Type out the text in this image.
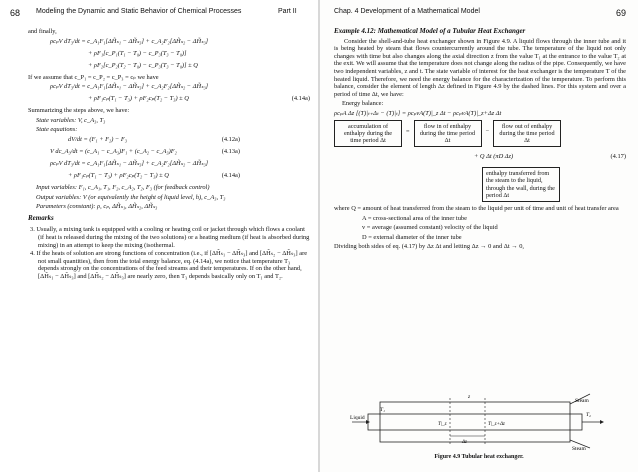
68 Modeling the Dynamic and Static Behavior of Chemical Processes	Part II
and finally,
ρcₚV dT₃/dt = c_A₁F₁[ΔH̃ₛ₁ − ΔH̃ₛ₃] + c_A₂F₂[ΔH̃ₛ₂ − ΔH̃ₛ₃]
+ ρF₁[c_P₁(T₁ − T₀) − c_P₃(T₃ − T₀)]
+ ρF₂[c_P₂(T₂ − T₀) − c_P₃(T₃ − T₀)] ± Q
If we assume that c_P₁ = c_P₂ = c_P₃ = cₚ we have
ρcₚV dT₃/dt = c_A₁F₁[ΔH̃ₛ₁ − ΔH̃ₛ₃] + c_A₂F₂[ΔH̃ₛ₂ − ΔH̃ₛ₃]
+ ρF₁cₚ(T₁ − T₃) + ρF₂cₚ(T₂ − T₃) ± Q	(4.14a)
Summarizing the steps above, we have:
State variables: V, c_A₃, T₃
State equations:
dV/dt = (F₁ + F₂) − F₃	(4.12a)
V dc_A₃/dt = (c_A₁ − c_A₃)F₁ + (c_A₂ − c_A₃)F₂	(4.13a)
ρcₚV dT₃/dt = c_A₁F₁[ΔH̃ₛ₁ − ΔH̃ₛ₃] + c_A₂F₂[ΔH̃ₛ₂ − ΔH̃ₛ₃]
+ ρF₁cₚ(T₁ − T₃) + ρF₂cₚ(T₂ − T₃) ± Q	(4.14a)
Input variables: F₁, c_A₁, T₁, F₂, c_A₂, T₂, F₃ (for feedback control)
Output variables: V (or equivalently the height of liquid level, h), c_A₃, T₃
Parameters (constant): ρ, cₚ, ΔH̃ₛ₁, ΔH̃ₛ₂, ΔH̃ₛ₃
Remarks
3. Usually, a mixing tank is equipped with a cooling or heating coil or jacket through which flows a coolant (if heat is released during the mixing of the two solutions) or a heating medium (if heat is absorbed during mixing) in an attempt to keep the mixing (isothermal.
4. If the heats of solution are strong functions of concentration (i.e., if [ΔH̃ₛ₁ − ΔH̃ₛ₃] and [ΔH̃ₛ₂ − ΔH̃ₛ₃] are not small quantities), then from the total energy balance, eq. (4.14a), we notice that temperature T₃ depends strongly on the concentrations of the feed streams and their temperatures. If on the other hand, [ΔH̃ₛ₁ − ΔH̃ₛ₃] and [ΔH̃ₛ₂ − ΔH̃ₛ₃] are nearly zero, then T₃ depends basically only on T₁ and T₂.
Chap. 4 Development of a Mathematical Model	69
Example 4.12: Mathematical Model of a Tubular Heat Exchanger
Consider the shell-and-tube heat exchanger shown in Figure 4.9. A liquid flows through the inner tube and it is being heated by steam that flows countercurrently around the tube. The temperature of the liquid not only changes with time but also changes along the axial direction z from the value T₁ at the entrance to the value T₂ at the exit. We will assume that the temperature does not change along the radius of the pipe. Consequently, we have two independent variables, z and t. The state variable of interest for the heat exchanger is the temperature T of the heated liquid. Therefore, we need the energy balance for the characterization of the temperature. To perform this balance, consider the element of length Δz defined in Figure 4.9 by the dashed lines. For this system and over a period of time Δt, we have:
Energy balance:
ρcₚA Δz [(T)|ₜ₊Δₜ − (T)|ₜ] = ρcₚvA(T)|_z Δt − ρcₚvA(T)|_z+Δz Δt
accumulation of enthalpy during the time period Δt
=
flow in of enthalpy during the time period Δt
−
flow out of enthalpy during the time period Δt
+ Q Δt (πD Δz)	(4.17)
enthalpy transferred from the steam to the liquid, through the wall, during the period Δt
where Q = amount of heat transferred from the steam to the liquid per unit of time and unit of heat transfer area
A = cross-sectional area of the inner tube
v = average (assumed constant) velocity of the liquid
D = external diameter of the inner tube
Dividing both sides of eq. (4.17) by Δz Δt and letting Δz → 0 and Δt → 0,
Liquid
T₁
T₂
T|_z	T|_z+Δz
Steam
Steam
z
Δz
Figure 4.9 Tubular heat exchanger.
